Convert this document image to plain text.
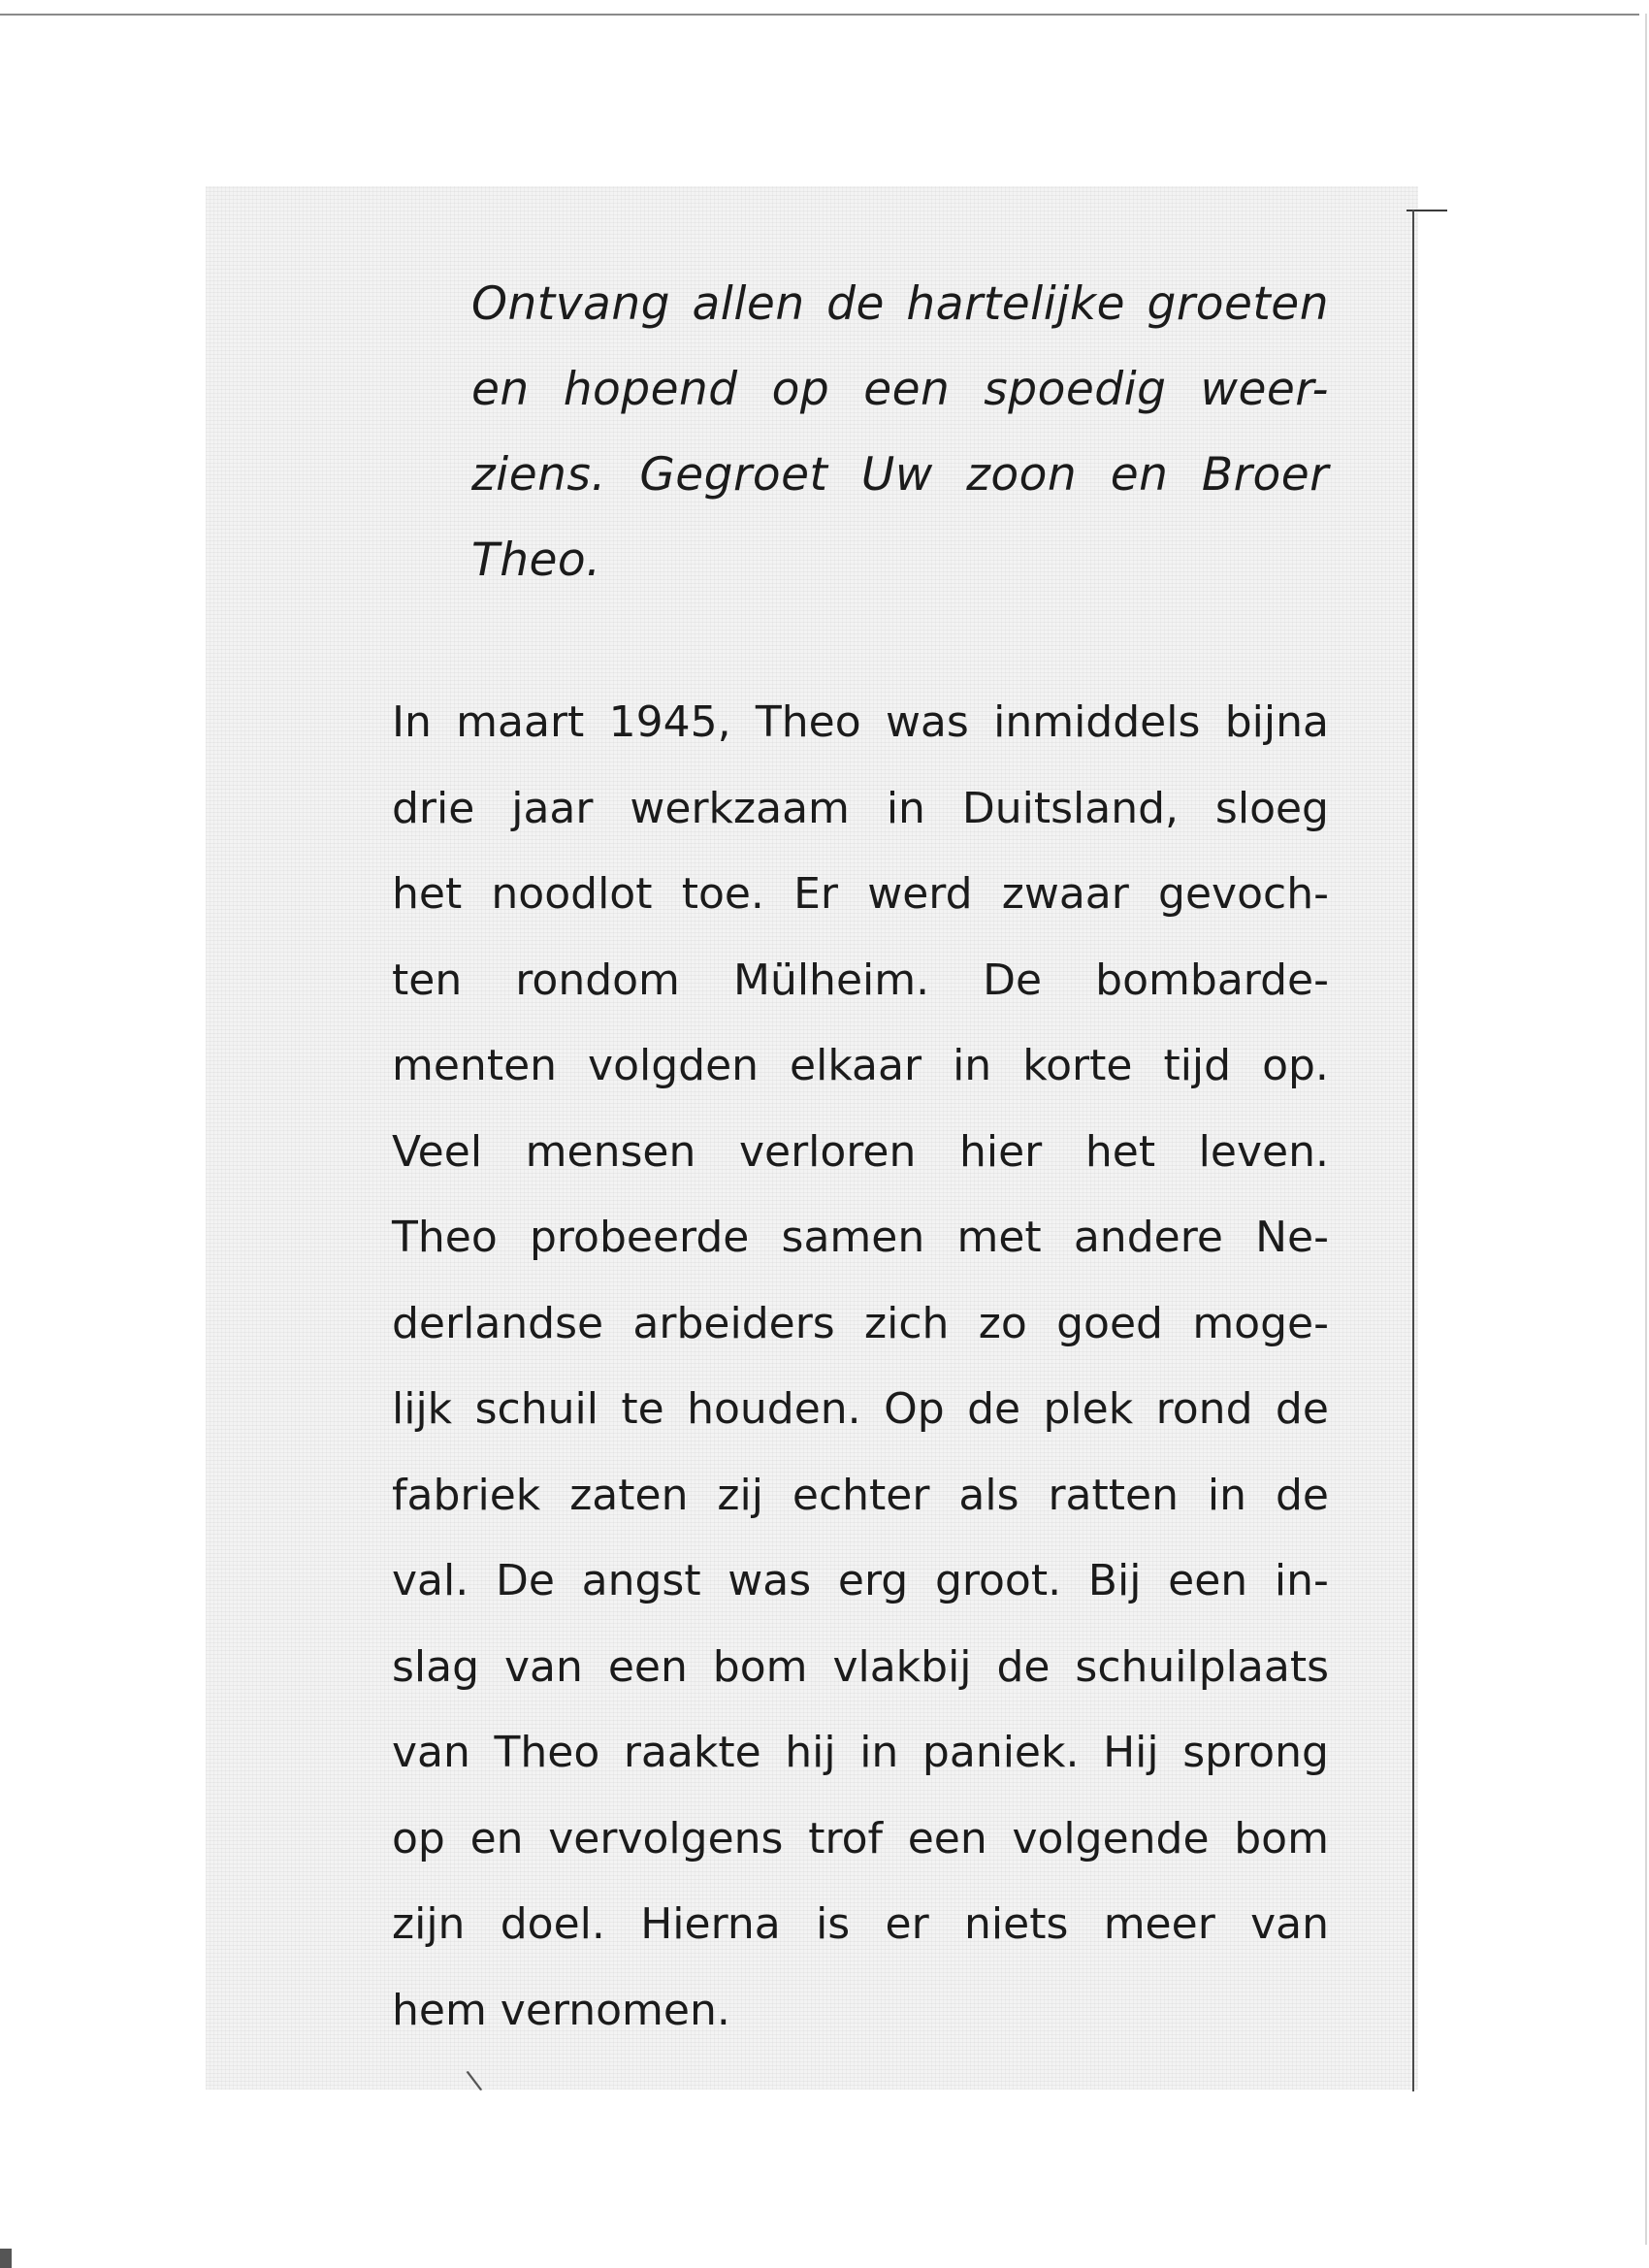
Ontvang allen de hartelijke groeten
en hopend op een spoedig weer-
ziens. Gegroet Uw zoon en Broer
Theo.
In maart 1945, Theo was inmiddels bijna
drie jaar werkzaam in Duitsland, sloeg
het noodlot toe. Er werd zwaar gevoch-
ten rondom Mülheim. De bombarde-
menten volgden elkaar in korte tijd op.
Veel mensen verloren hier het leven.
Theo probeerde samen met andere Ne-
derlandse arbeiders zich zo goed moge-
lijk schuil te houden. Op de plek rond de
fabriek zaten zij echter als ratten in de
val. De angst was erg groot. Bij een in-
slag van een bom vlakbij de schuilplaats
van Theo raakte hij in paniek. Hij sprong
op en vervolgens trof een volgende bom
zijn doel. Hierna is er niets meer van
hem vernomen.
\
